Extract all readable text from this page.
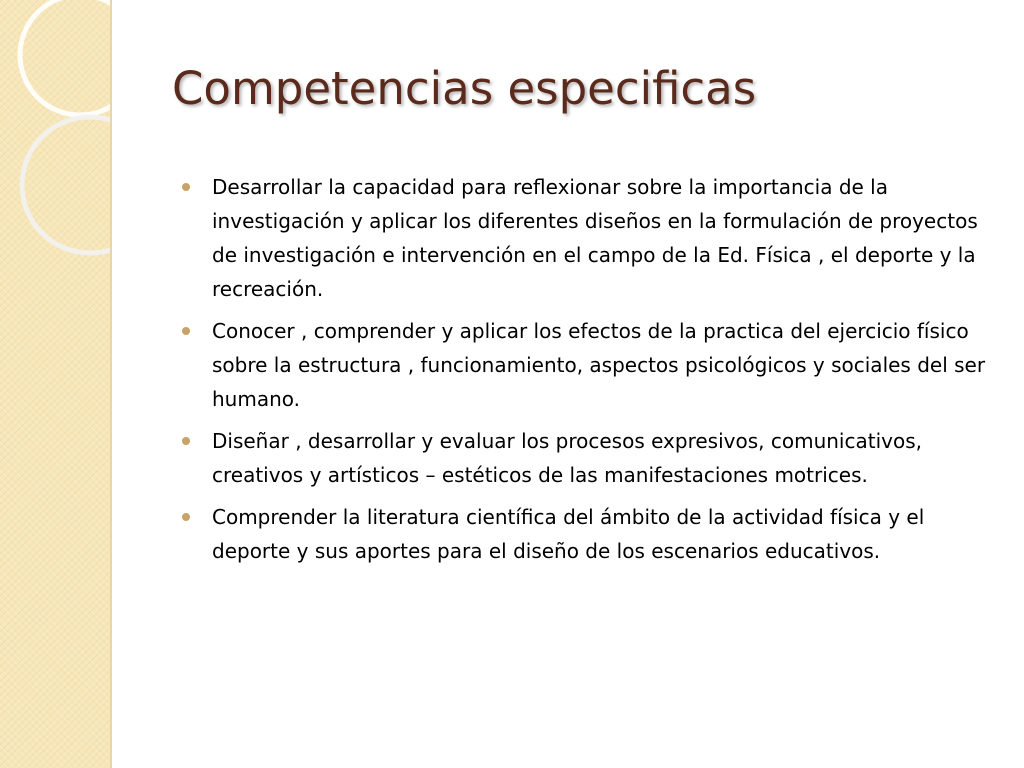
Competencias especificas
Desarrollar la capacidad para reflexionar sobre la importancia de la investigación y aplicar los diferentes diseños en la formulación de proyectos de investigación e intervención en el campo de la Ed. Física , el deporte y la recreación.
Conocer , comprender y aplicar los efectos de la practica del ejercicio físico sobre la estructura , funcionamiento, aspectos psicológicos y sociales del ser humano.
Diseñar , desarrollar y evaluar los procesos expresivos, comunicativos, creativos y artísticos – estéticos de las manifestaciones motrices.
Comprender la literatura científica del ámbito de la actividad física y el deporte y sus aportes para el diseño de los escenarios educativos.
